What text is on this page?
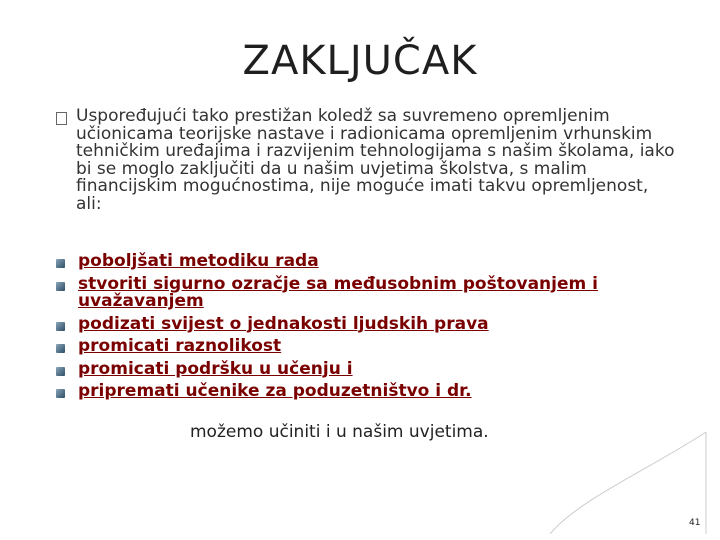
ZAKLJUČAK
Uspoređujući tako prestižan koledž sa suvremeno opremljenim učionicama teorijske nastave i radionicama opremljenim vrhunskim tehničkim uređajima i razvijenim tehnologijama s našim školama, iako bi se moglo zaključiti da u našim uvjetima školstva, s malim financijskim mogućnostima, nije moguće imati takvu opremljenost, ali:
poboljšati metodiku rada
stvoriti sigurno ozračje sa međusobnim poštovanjem i uvažavanjem
podizati svijest o jednakosti ljudskih prava
promicati raznolikost
promicati podršku u učenju i
pripremati učenike za poduzetništvo i dr.
možemo učiniti i u našim uvjetima.
41
